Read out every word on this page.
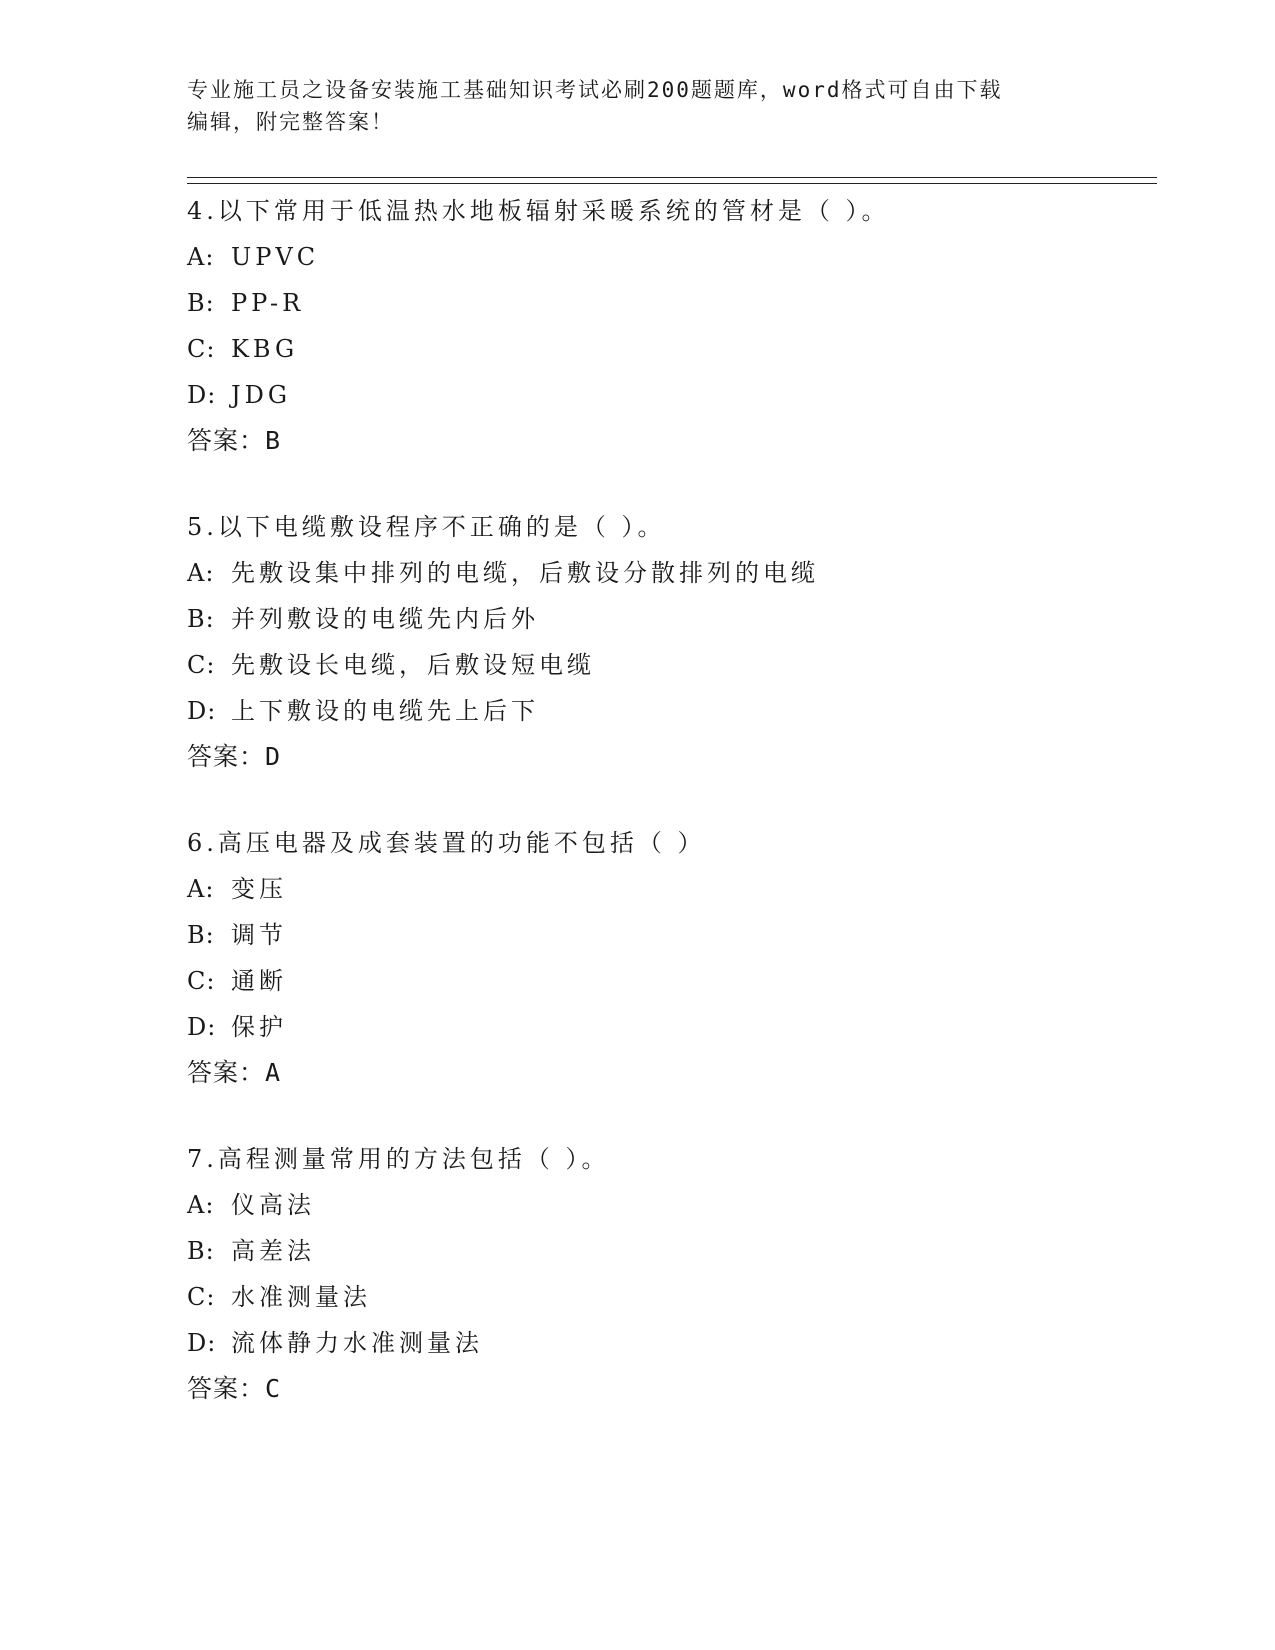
专业施工员之设备安装施工基础知识考试必刷200题题库，word格式可自由下载
编辑，附完整答案！
4.以下常用于低温热水地板辐射采暖系统的管材是（ ）。
A: UPVC
B: PP-R
C: KBG
D: JDG
答案：B
5.以下电缆敷设程序不正确的是（ ）。
A: 先敷设集中排列的电缆，后敷设分散排列的电缆
B: 并列敷设的电缆先内后外
C: 先敷设长电缆，后敷设短电缆
D: 上下敷设的电缆先上后下
答案：D
6.高压电器及成套装置的功能不包括（ ）
A: 变压
B: 调节
C: 通断
D: 保护
答案：A
7.高程测量常用的方法包括（ ）。
A: 仪高法
B: 高差法
C: 水准测量法
D: 流体静力水准测量法
答案：C
